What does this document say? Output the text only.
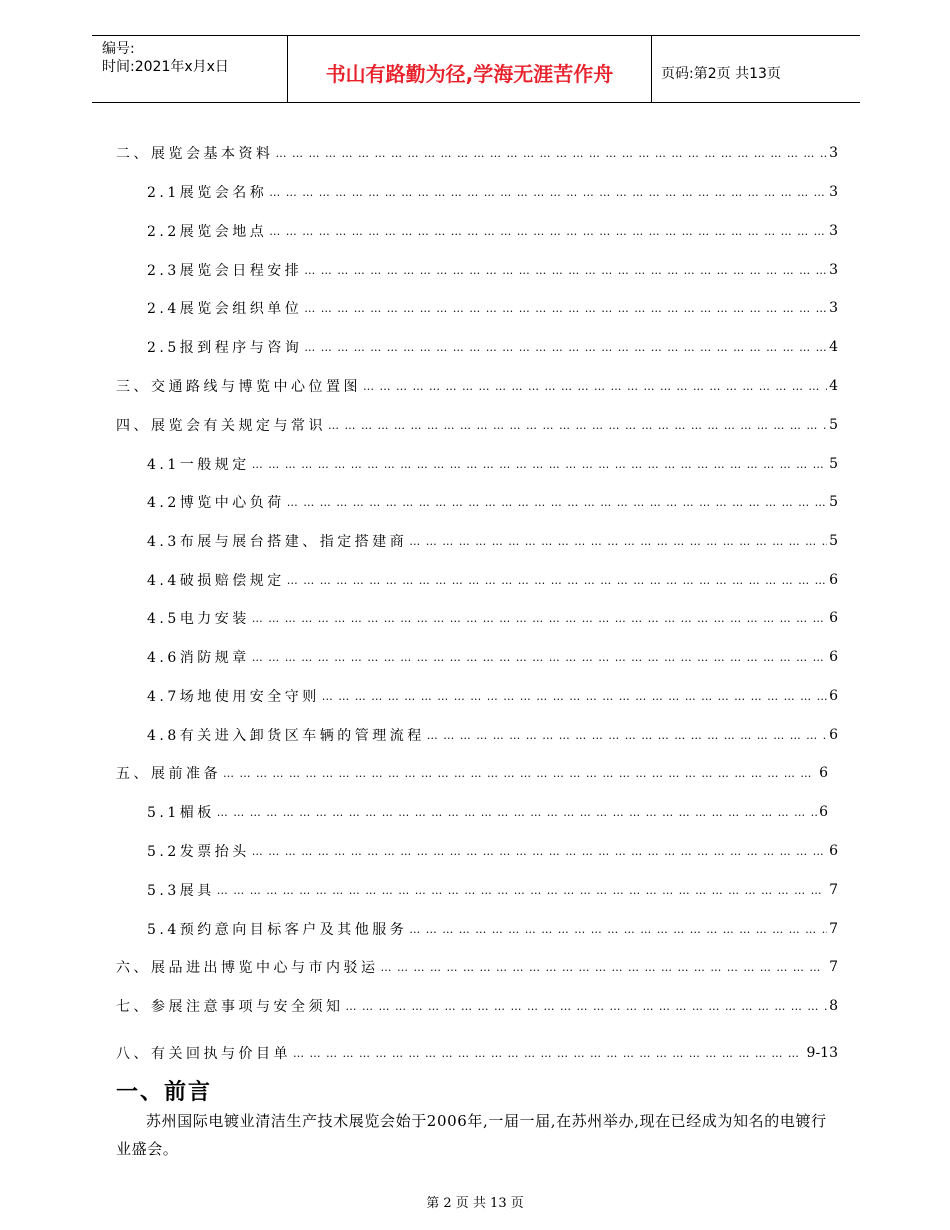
编号:
时间:2021年x月x日	书山有路勤为径,学海无涯苦作舟	页码:第2页 共13页
二、展览会基本资料 … … … … … … … … … … … … … … … … … … … … … … … … … … … … … … … … … … … … … … … … … … … … … … … … … … … … … … … … … … … … … … … … … …	3
2.1展览会名称 … … … … … … … … … … … … … … … … … … … … … … … … … … … … … … … … … … … … … … … … … … … … … … … … … … … … … … … … … … … … … … … … … …	3
2.2展览会地点 … … … … … … … … … … … … … … … … … … … … … … … … … … … … … … … … … … … … … … … … … … … … … … … … … … … … … … … … … … … … … … … … … …	3
2.3展览会日程安排 … … … … … … … … … … … … … … … … … … … … … … … … … … … … … … … … … … … … … … … … … … … … … … … … … … … … … … … … … … … … … … … … … …	3
2.4展览会组织单位 … … … … … … … … … … … … … … … … … … … … … … … … … … … … … … … … … … … … … … … … … … … … … … … … … … … … … … … … … … … … … … … … … …	3
2.5报到程序与咨询 … … … … … … … … … … … … … … … … … … … … … … … … … … … … … … … … … … … … … … … … … … … … … … … … … … … … … … … … … … … … … … … … … …	4
三、交通路线与博览中心位置图 … … … … … … … … … … … … … … … … … … … … … … … … … … … … … … … … … … … … … … … … … … … … … … … … … … … … … … … … … … … … … … … … … …	4
四、展览会有关规定与常识 … … … … … … … … … … … … … … … … … … … … … … … … … … … … … … … … … … … … … … … … … … … … … … … … … … … … … … … … … … … … … … … … … …	5
4.1一般规定 … … … … … … … … … … … … … … … … … … … … … … … … … … … … … … … … … … … … … … … … … … … … … … … … … … … … … … … … … … … … … … … … … …	5
4.2博览中心负荷 … … … … … … … … … … … … … … … … … … … … … … … … … … … … … … … … … … … … … … … … … … … … … … … … … … … … … … … … … … … … … … … … … …	5
4.3布展与展台搭建、指定搭建商 … … … … … … … … … … … … … … … … … … … … … … … … … … … … … … … … … … … … … … … … … … … … … … … … … … … … … … … … … … … … … … … … … …	5
4.4破损赔偿规定 … … … … … … … … … … … … … … … … … … … … … … … … … … … … … … … … … … … … … … … … … … … … … … … … … … … … … … … … … … … … … … … … … …	6
4.5电力安装 … … … … … … … … … … … … … … … … … … … … … … … … … … … … … … … … … … … … … … … … … … … … … … … … … … … … … … … … … … … … … … … … … …	6
4.6消防规章 … … … … … … … … … … … … … … … … … … … … … … … … … … … … … … … … … … … … … … … … … … … … … … … … … … … … … … … … … … … … … … … … … …	6
4.7场地使用安全守则 … … … … … … … … … … … … … … … … … … … … … … … … … … … … … … … … … … … … … … … … … … … … … … … … … … … … … … … … … … … … … … … … … …	6
4.8有关进入卸货区车辆的管理流程 … … … … … … … … … … … … … … … … … … … … … … … … … … … … … … … … … … … … … … … … … … … … … … … … … … … … … … … … … … … … … … … … … …	6
五、展前准备 … … … … … … … … … … … … … … … … … … … … … … … … … … … … … … … … … … … … … … … … … … … … … … … … … … … … … … … … … … … … … … … … … …	6
5.1楣板 … … … … … … … … … … … … … … … … … … … … … … … … … … … … … … … … … … … … … … … … … … … … … … … … … … … … … … … … … … … … … … … … … …	6
5.2发票抬头 … … … … … … … … … … … … … … … … … … … … … … … … … … … … … … … … … … … … … … … … … … … … … … … … … … … … … … … … … … … … … … … … … …	6
5.3展具 … … … … … … … … … … … … … … … … … … … … … … … … … … … … … … … … … … … … … … … … … … … … … … … … … … … … … … … … … … … … … … … … … …	7
5.4预约意向目标客户及其他服务 … … … … … … … … … … … … … … … … … … … … … … … … … … … … … … … … … … … … … … … … … … … … … … … … … … … … … … … … … … … … … … … … … …	7
六、展品进出博览中心与市内驳运 … … … … … … … … … … … … … … … … … … … … … … … … … … … … … … … … … … … … … … … … … … … … … … … … … … … … … … … … … … … … … … … … … …	7
七、参展注意事项与安全须知 … … … … … … … … … … … … … … … … … … … … … … … … … … … … … … … … … … … … … … … … … … … … … … … … … … … … … … … … … … … … … … … … … …	8
八、有关回执与价目单 … … … … … … … … … … … … … … … … … … … … … … … … … … … … … … … … … … … … … … … … … … … … … … … … … … … … … … … … … … … … … … … … … …	9-13
一、前言
苏州国际电镀业清洁生产技术展览会始于2006年,一届一届,在苏州举办,现在已经成为知名的电镀行业盛会。
第 2 页 共 13 页
